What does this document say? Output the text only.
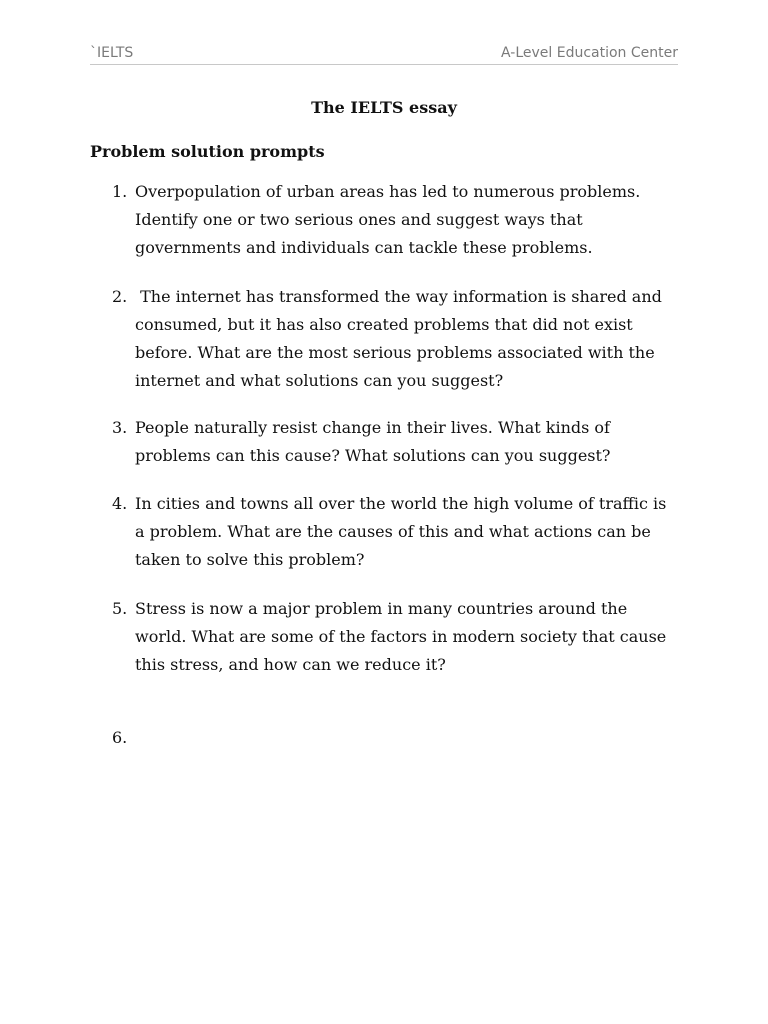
`IELTS	A-Level Education Center
The IELTS essay
Problem solution prompts
1. Overpopulation of urban areas has led to numerous problems. Identify one or two serious ones and suggest ways that governments and individuals can tackle these problems.
2. The internet has transformed the way information is shared and consumed, but it has also created problems that did not exist before. What are the most serious problems associated with the internet and what solutions can you suggest?
3. People naturally resist change in their lives. What kinds of problems can this cause? What solutions can you suggest?
4. In cities and towns all over the world the high volume of traffic is a problem. What are the causes of this and what actions can be taken to solve this problem?
5. Stress is now a major problem in many countries around the world. What are some of the factors in modern society that cause this stress, and how can we reduce it?
6.
